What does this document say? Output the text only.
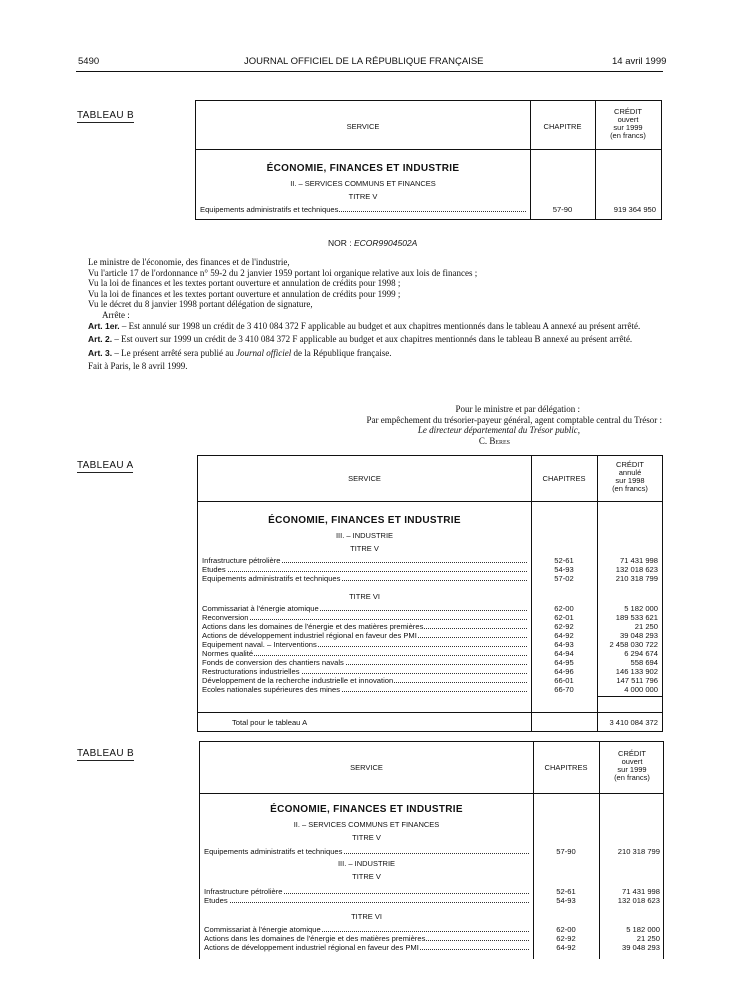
5490	JOURNAL OFFICIEL DE LA RÉPUBLIQUE FRANÇAISE	14 avril 1999
TABLEAU B
SERVICE	CHAPITRE
CRÉDIT
ouvert
sur 1999
(en francs)
ÉCONOMIE, FINANCES ET INDUSTRIE
II. – SERVICES COMMUNS ET FINANCES
TITRE V
Equipements administratifs et techniques	57-90	919 364 950
NOR : ECOR9904502A

Le ministre de l'économie, des finances et de l'industrie,

Vu l'article 17 de l'ordonnance n° 59-2 du 2 janvier 1959 portant loi organique relative aux lois de finances ;

Vu la loi de finances et les textes portant ouverture et annulation de crédits pour 1998 ;

Vu la loi de finances et les textes portant ouverture et annulation de crédits pour 1999 ;

Vu le décret du 8 janvier 1998 portant délégation de signature,

Arrête :

Art. 1er. – Est annulé sur 1998 un crédit de 3 410 084 372 F applicable au budget et aux chapitres mentionnés dans le tableau A annexé au présent arrêté.

Art. 2. – Est ouvert sur 1999 un crédit de 3 410 084 372 F applicable au budget et aux chapitres mentionnés dans le tableau B annexé au présent arrêté.

Art. 3. – Le présent arrêté sera publié au Journal officiel de la République française.

Fait à Paris, le 8 avril 1999.

Pour le ministre et par délégation :
Par empêchement du trésorier-payeur général, agent comptable central du Trésor :
Le directeur départemental du Trésor public,
C. Beres
TABLEAU A
SERVICE	CHAPITRES
CRÉDIT
annulé
sur 1998
(en francs)
ÉCONOMIE, FINANCES ET INDUSTRIE
III. – INDUSTRIE
TITRE V
Infrastructure pétrolière	52-61	71 431 998
Etudes	54-93	132 018 623
Equipements administratifs et techniques	57-02	210 318 799
TITRE VI
Commissariat à l'énergie atomique	62-00	5 182 000
Reconversion	62-01	189 533 621
Actions dans les domaines de l'énergie et des matières premières	62-92	21 250
Actions de développement industriel régional en faveur des PMI	64-92	39 048 293
Equipement naval. – Interventions	64-93	2 458 030 722
Normes qualité	64-94	6 294 674
Fonds de conversion des chantiers navals	64-95	558 694
Restructurations industrielles	64-96	146 133 902
Développement de la recherche industrielle et innovation	66-01	147 511 796
Ecoles nationales supérieures des mines	66-70	4 000 000
Total pour le tableau A	3 410 084 372
TABLEAU B
SERVICE	CHAPITRES
CRÉDIT
ouvert
sur 1999
(en francs)
ÉCONOMIE, FINANCES ET INDUSTRIE
II. – SERVICES COMMUNS ET FINANCES
TITRE V
Equipements administratifs et techniques	57-90	210 318 799
III. – INDUSTRIE
TITRE V
Infrastructure pétrolière	52-61	71 431 998
Etudes	54-93	132 018 623
TITRE VI
Commissariat à l'énergie atomique	62-00	5 182 000
Actions dans les domaines de l'énergie et des matières premières	62-92	21 250
Actions de développement industriel régional en faveur des PMI	64-92	39 048 293
